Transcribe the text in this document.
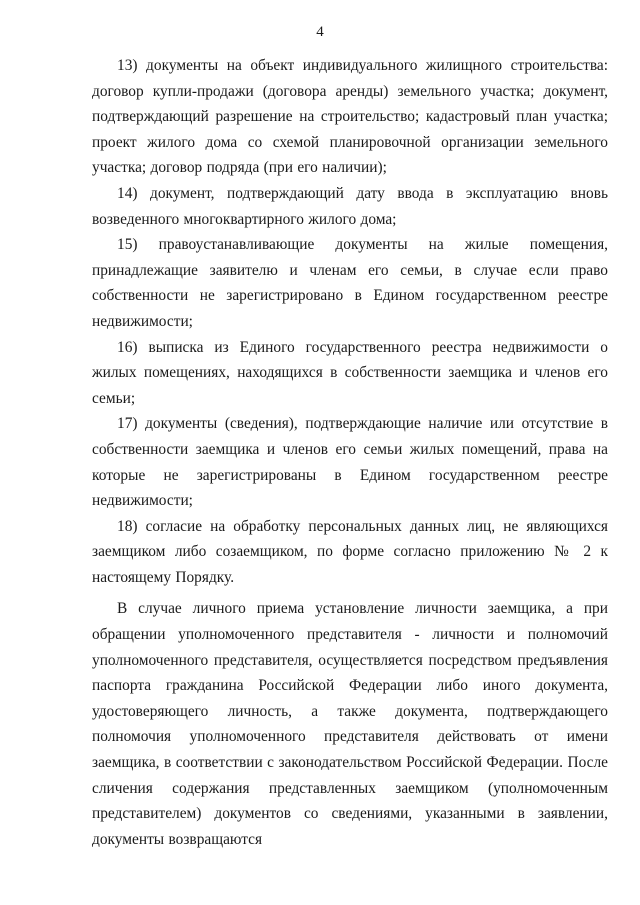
4

13) документы на объект индивидуального жилищного строительства: договор купли-продажи (договора аренды) земельного участка; документ, подтверждающий разрешение на строительство; кадастровый план участка; проект жилого дома со схемой планировочной организации земельного участка; договор подряда (при его наличии);

14) документ, подтверждающий дату ввода в эксплуатацию вновь возведенного многоквартирного жилого дома;

15) правоустанавливающие документы на жилые помещения, принадлежащие заявителю и членам его семьи, в случае если право собственности не зарегистрировано в Едином государственном реестре недвижимости;

16) выписка из Единого государственного реестра недвижимости о жилых помещениях, находящихся в собственности заемщика и членов его семьи;

17) документы (сведения), подтверждающие наличие или отсутствие в собственности заемщика и членов его семьи жилых помещений, права на которые не зарегистрированы в Едином государственном реестре недвижимости;

18) согласие на обработку персональных данных лиц, не являющихся заемщиком либо созаемщиком, по форме согласно приложению № 2 к настоящему Порядку.

В случае личного приема установление личности заемщика, а при обращении уполномоченного представителя - личности и полномочий уполномоченного представителя, осуществляется посредством предъявления паспорта гражданина Российской Федерации либо иного документа, удостоверяющего личность, а также документа, подтверждающего полномочия уполномоченного представителя действовать от имени заемщика, в соответствии с законодательством Российской Федерации. После сличения содержания представленных заемщиком (уполномоченным представителем) документов со сведениями, указанными в заявлении, документы возвращаются
